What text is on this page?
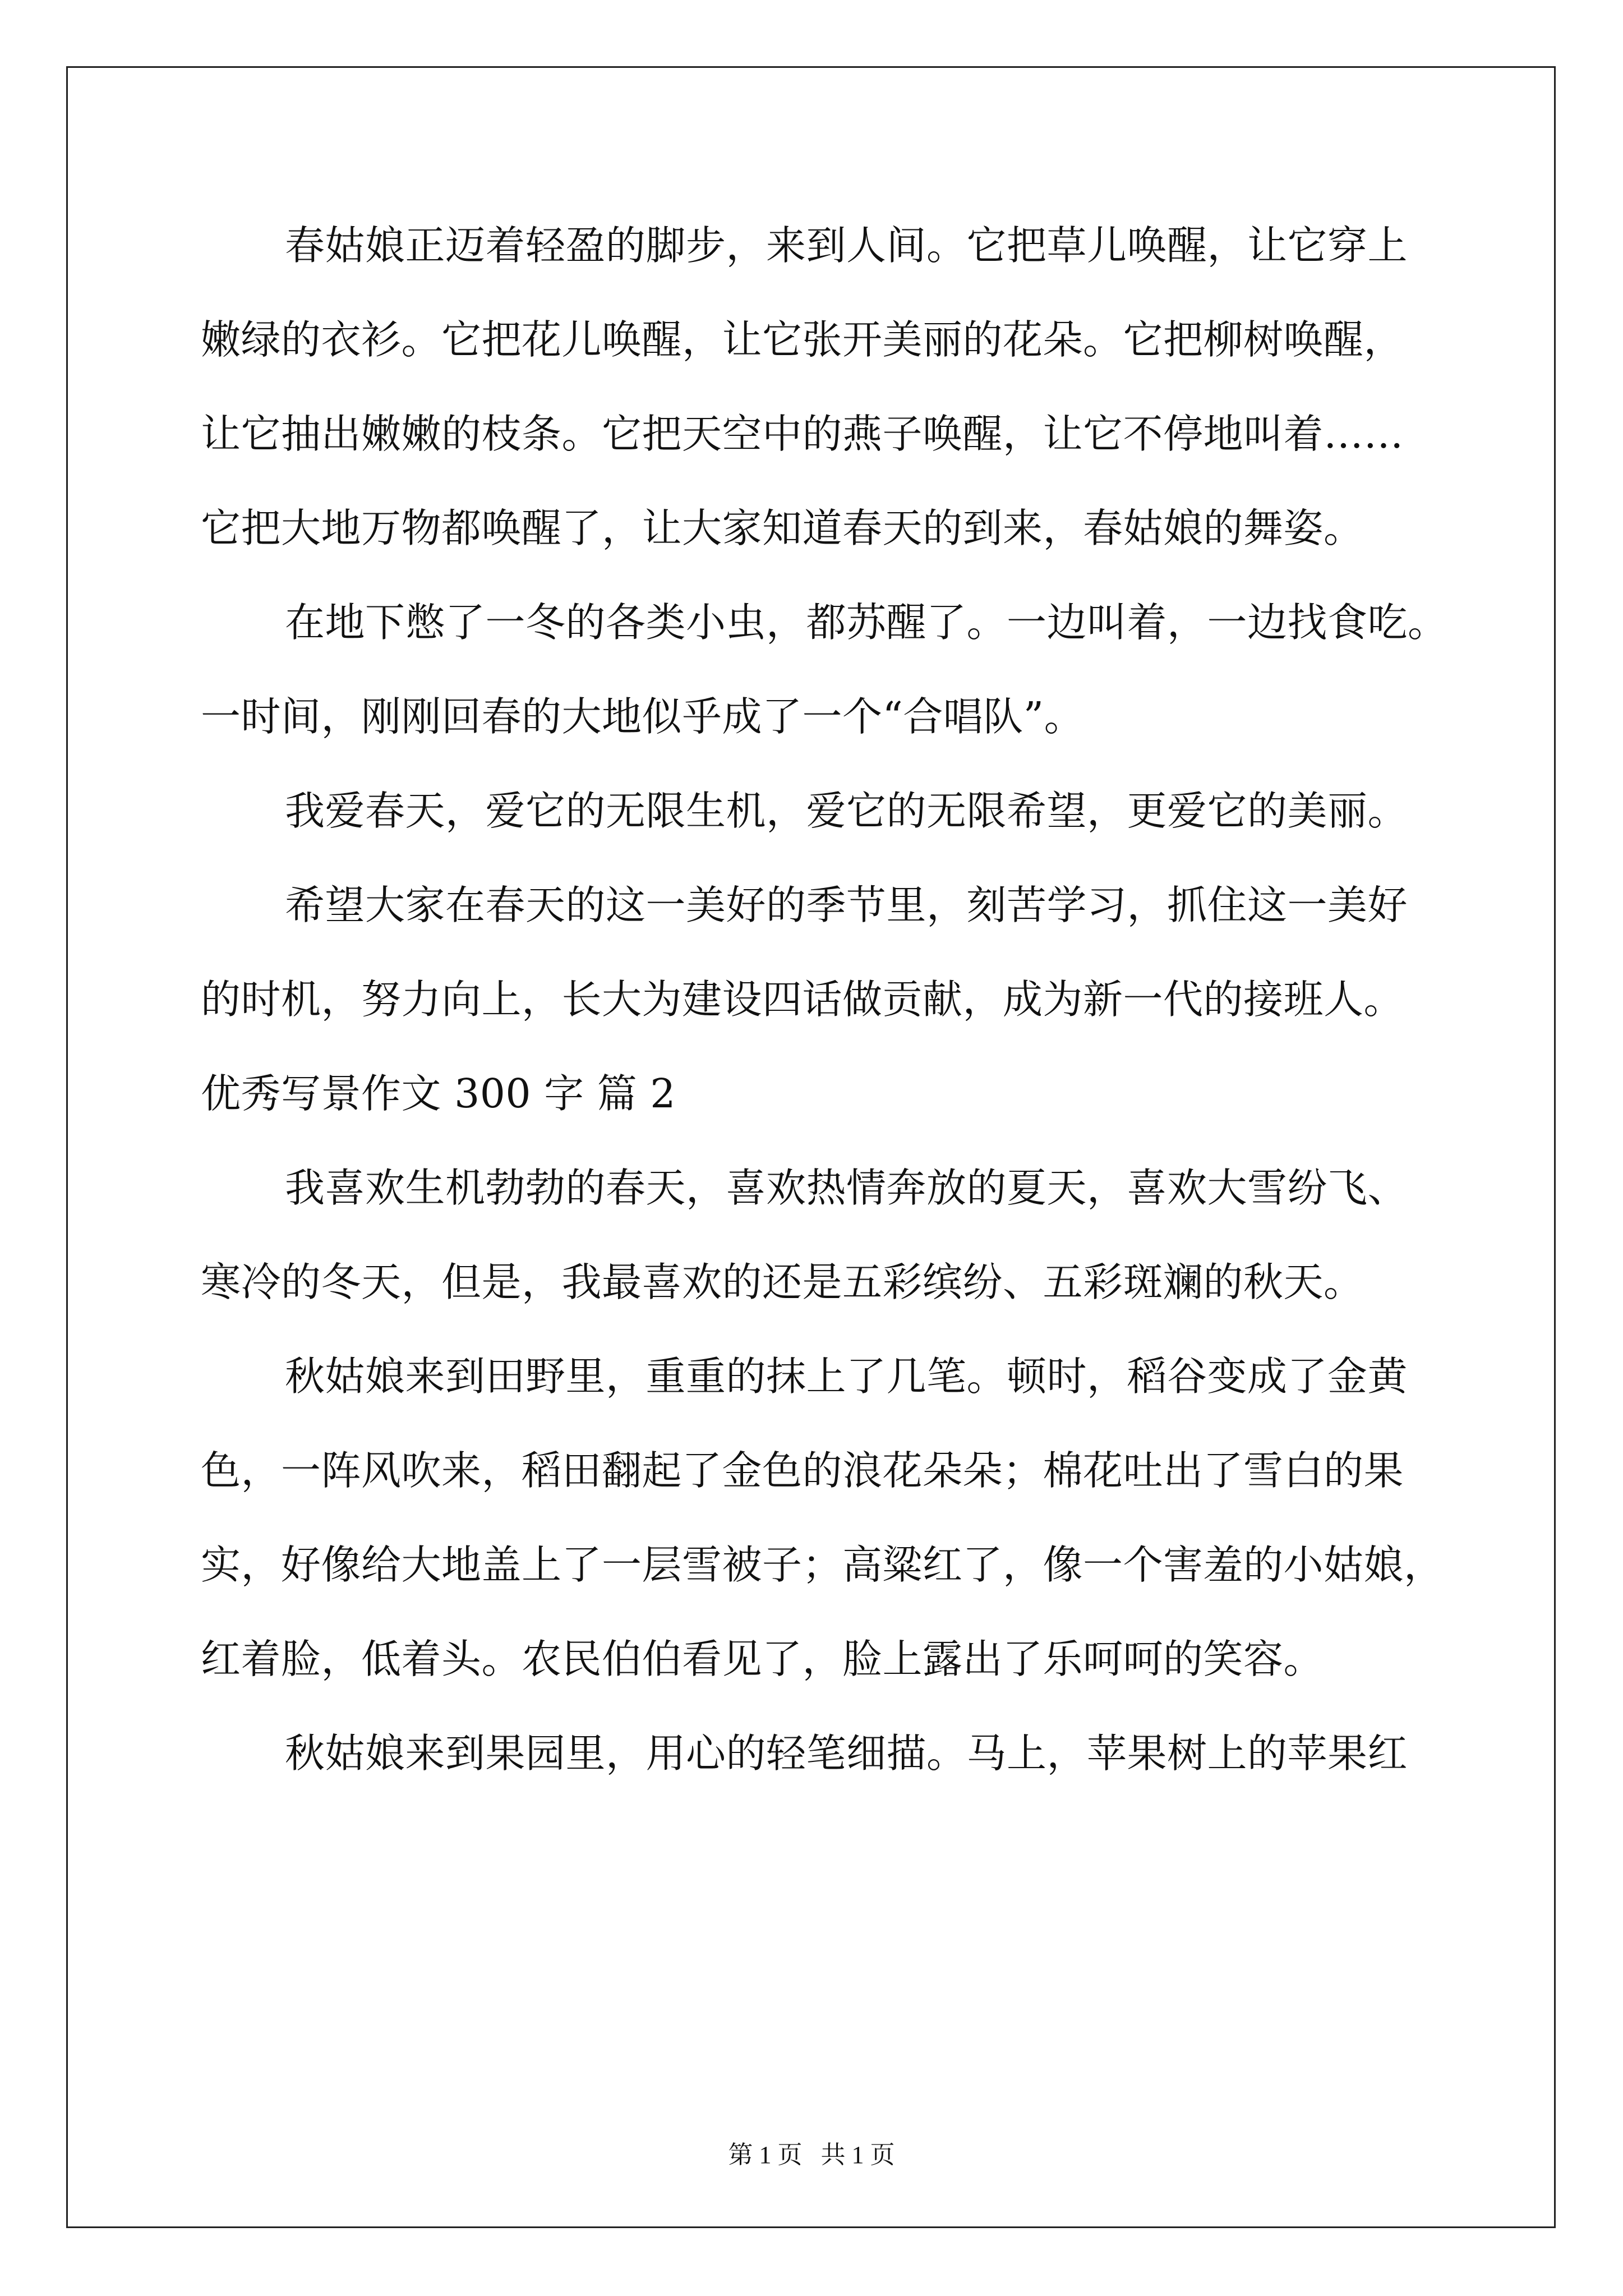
春姑娘正迈着轻盈的脚步，来到人间。它把草儿唤醒，让它穿上
嫩绿的衣衫。它把花儿唤醒，让它张开美丽的花朵。它把柳树唤醒，
让它抽出嫩嫩的枝条。它把天空中的燕子唤醒，让它不停地叫着……
它把大地万物都唤醒了，让大家知道春天的到来，春姑娘的舞姿。
在地下憋了一冬的各类小虫，都苏醒了。一边叫着，一边找食吃。
一时间，刚刚回春的大地似乎成了一个“合唱队”。
我爱春天，爱它的无限生机，爱它的无限希望，更爱它的美丽。
希望大家在春天的这一美好的季节里，刻苦学习，抓住这一美好
的时机，努力向上，长大为建设四话做贡献，成为新一代的接班人。
优秀写景作文 300 字 篇 2
我喜欢生机勃勃的春天，喜欢热情奔放的夏天，喜欢大雪纷飞、
寒冷的冬天，但是，我最喜欢的还是五彩缤纷、五彩斑斓的秋天。
秋姑娘来到田野里，重重的抹上了几笔。顿时，稻谷变成了金黄
色，一阵风吹来，稻田翻起了金色的浪花朵朵；棉花吐出了雪白的果
实，好像给大地盖上了一层雪被子；高粱红了，像一个害羞的小姑娘，
红着脸，低着头。农民伯伯看见了，脸上露出了乐呵呵的笑容。
秋姑娘来到果园里，用心的轻笔细描。马上，苹果树上的苹果红
第 1 页   共 1 页
